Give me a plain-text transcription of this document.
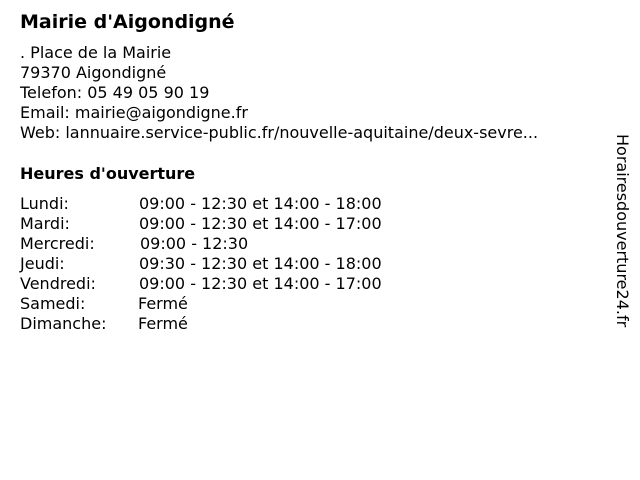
Mairie d'Aigondigné
. Place de la Mairie
79370 Aigondigné
Telefon: 05 49 05 90 19
Email: mairie@aigondigne.fr
Web: lannuaire.service-public.fr/nouvelle-aquitaine/deux-sevre...
Heures d'ouverture
Lundi:	09:00 - 12:30 et 14:00 - 18:00
Mardi:	09:00 - 12:30 et 14:00 - 17:00
Mercredi:	09:00 - 12:30
Jeudi:	09:30 - 12:30 et 14:00 - 18:00
Vendredi:	09:00 - 12:30 et 14:00 - 17:00
Samedi:	Fermé
Dimanche: Fermé	Horairesdouverture24.fr
